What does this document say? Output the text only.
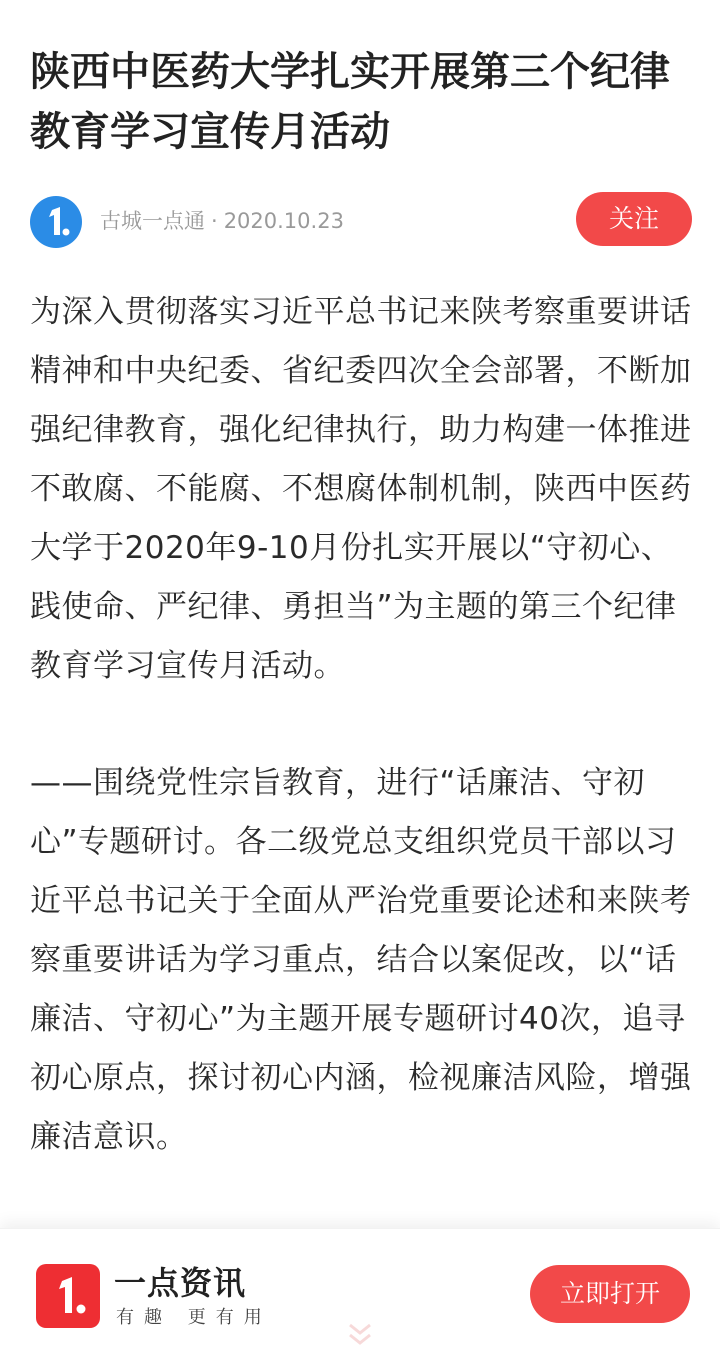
陕西中医药大学扎实开展第三个纪律教育学习宣传月活动
古城一点通 · 2020.10.23	关注

为深入贯彻落实习近平总书记来陕考察重要讲话精神和中央纪委、省纪委四次全会部署，不断加强纪律教育，强化纪律执行，助力构建一体推进不敢腐、不能腐、不想腐体制机制，陕西中医药大学于2020年9-10月份扎实开展以“守初心、践使命、严纪律、勇担当”为主题的第三个纪律教育学习宣传月活动。

——围绕党性宗旨教育，进行“话廉洁、守初心”专题研讨。各二级党总支组织党员干部以习近平总书记关于全面从严治党重要论述和来陕考察重要讲话为学习重点，结合以案促改，以“话廉洁、守初心”为主题开展专题研讨40次，追寻初心原点，探讨初心内涵，检视廉洁风险，增强廉洁意识。

一点资讯
有趣 更有用
立即打开
